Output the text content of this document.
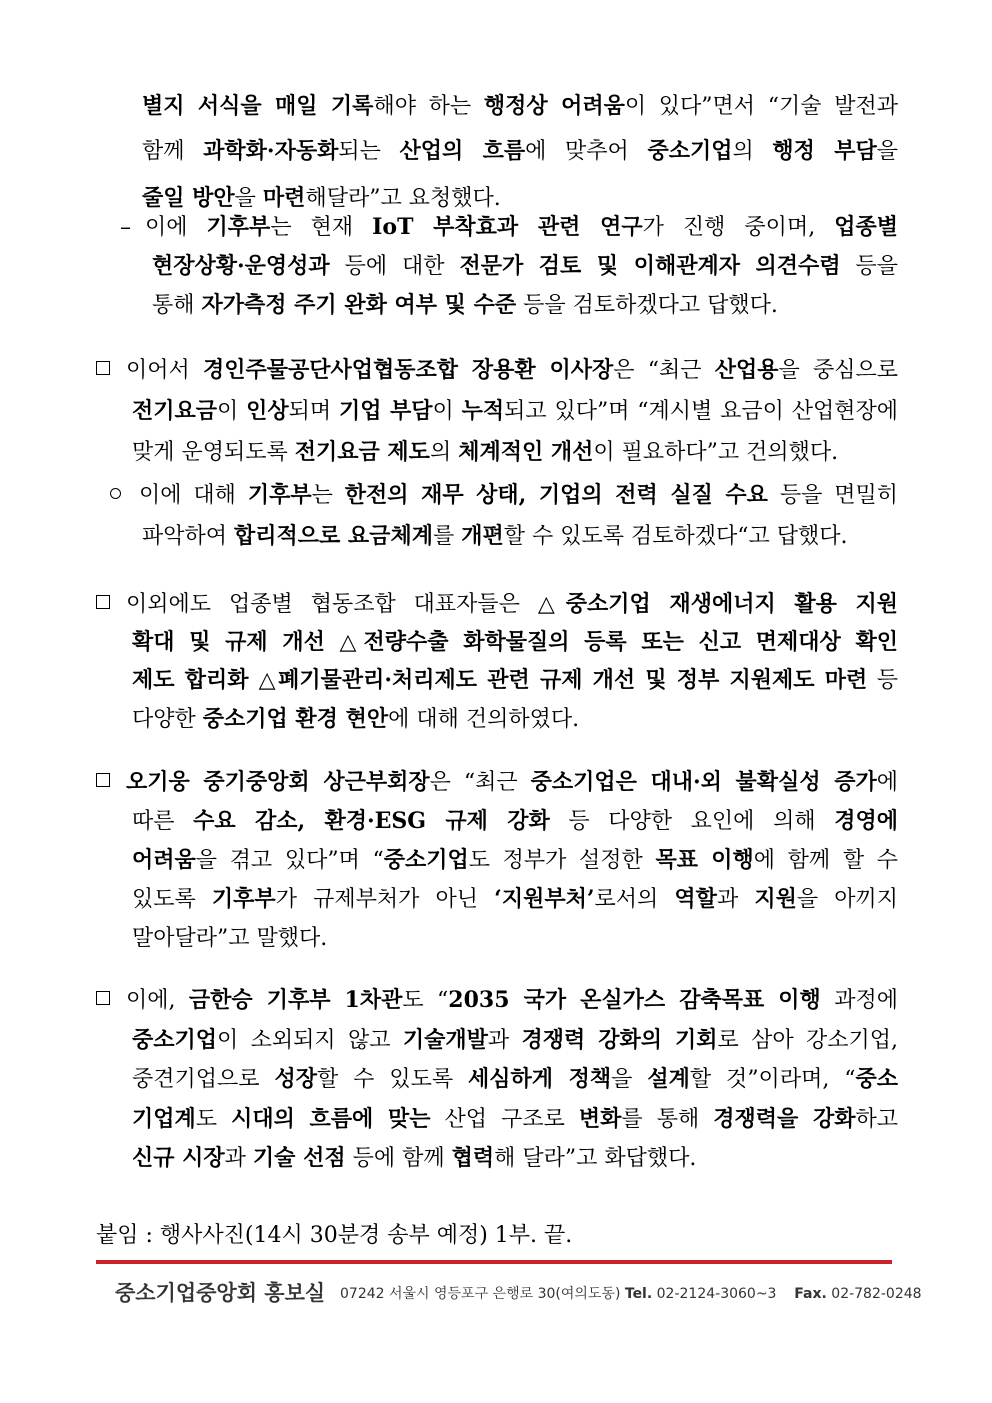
별지 서식을 매일 기록해야 하는 행정상 어려움이 있다”면서 “기술 발전과
함께 과학화·자동화되는 산업의 흐름에 맞추어 중소기업의 행정 부담을
줄일 방안을 마련해달라”고 요청했다.
– 이에 기후부는 현재 IoT 부착효과 관련 연구가 진행 중이며, 업종별
현장상황·운영성과 등에 대한 전문가 검토 및 이해관계자 의견수렴 등을
통해 자가측정 주기 완화 여부 및 수준 등을 검토하겠다고 답했다.
이어서 경인주물공단사업협동조합 장용환 이사장은 “최근 산업용을 중심으로
전기요금이 인상되며 기업 부담이 누적되고 있다”며 “계시별 요금이 산업현장에
맞게 운영되도록 전기요금 제도의 체계적인 개선이 필요하다”고 건의했다.
이에 대해 기후부는 한전의 재무 상태, 기업의 전력 실질 수요 등을 면밀히
파악하여 합리적으로 요금체계를 개편할 수 있도록 검토하겠다“고 답했다.
이외에도 업종별 협동조합 대표자들은 △중소기업 재생에너지 활용 지원
확대 및 규제 개선 △전량수출 화학물질의 등록 또는 신고 면제대상 확인
제도 합리화 △폐기물관리·처리제도 관련 규제 개선 및 정부 지원제도 마련 등
다양한 중소기업 환경 현안에 대해 건의하였다.
오기웅 중기중앙회 상근부회장은 “최근 중소기업은 대내·외 불확실성 증가에
따른 수요 감소, 환경·ESG 규제 강화 등 다양한 요인에 의해 경영에
어려움을 겪고 있다”며 “중소기업도 정부가 설정한 목표 이행에 함께 할 수
있도록 기후부가 규제부처가 아닌 ‘지원부처’로서의 역할과 지원을 아끼지
말아달라”고 말했다.
이에, 금한승 기후부 1차관도 “2035 국가 온실가스 감축목표 이행 과정에
중소기업이 소외되지 않고 기술개발과 경쟁력 강화의 기회로 삼아 강소기업,
중견기업으로 성장할 수 있도록 세심하게 정책을 설계할 것”이라며, “중소
기업계도 시대의 흐름에 맞는 산업 구조로 변화를 통해 경쟁력을 강화하고
신규 시장과 기술 선점 등에 함께 협력해 달라”고 화답했다.
붙임 : 행사사진(14시 30분경 송부 예정) 1부. 끝.
중소기업중앙회 홍보실 07242 서울시 영등포구 은행로 30(여의도동) Tel. 02-2124-3060~3 Fax. 02-782-0248
